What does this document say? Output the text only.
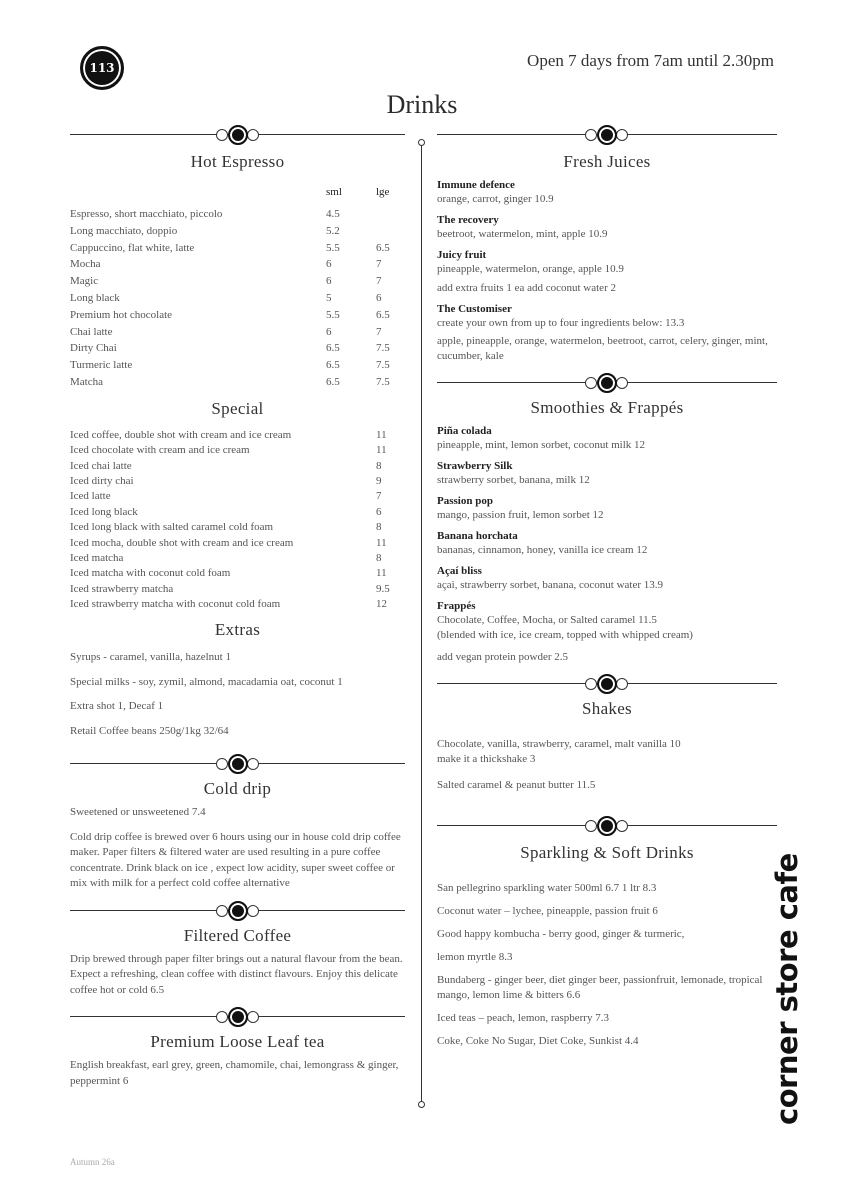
113	Open 7 days from 7am until 2.30pm
Drinks
Hot Espresso
sml	lge
Espresso, short macchiato, piccolo	4.5
Long macchiato, doppio	5.2
Cappuccino, flat white, latte	5.5	6.5
Mocha	6	7
Magic	6	7
Long black	5	6
Premium hot chocolate	5.5	6.5
Chai latte	6	7
Dirty Chai	6.5	7.5
Turmeric latte	6.5	7.5
Matcha	6.5	7.5
Special
Iced coffee, double shot with cream and ice cream	11
Iced chocolate with cream and ice cream	11
Iced chai latte	8
Iced dirty chai	9
Iced latte	7
Iced long black	6
Iced long black with salted caramel cold foam	8
Iced mocha, double shot with cream and ice cream	11
Iced matcha	8
Iced matcha with coconut cold foam	11
Iced strawberry matcha	9.5
Iced strawberry matcha with coconut cold foam	12
Extras
Syrups - caramel, vanilla, hazelnut 1
Special milks - soy, zymil, almond, macadamia oat, coconut 1
Extra shot 1, Decaf 1
Retail Coffee beans 250g/1kg 32/64
Cold drip
Sweetened or unsweetened 7.4
Cold drip coffee is brewed over 6 hours using our in house cold drip coffee maker. Paper filters & filtered water are used resulting in a pure coffee concentrate. Drink black on ice , expect low acidity, super sweet coffee or mix with milk for a perfect cold coffee alternative
Filtered Coffee
Drip brewed through paper filter brings out a natural flavour from the bean. Expect a refreshing, clean coffee with distinct flavours. Enjoy this delicate coffee hot or cold 6.5
Premium Loose Leaf tea
English breakfast, earl grey, green, chamomile, chai, lemongrass & ginger, peppermint 6
Fresh Juices
Immune defence
orange, carrot, ginger 10.9
The recovery
beetroot, watermelon, mint, apple 10.9
Juicy fruit
pineapple, watermelon, orange, apple 10.9
add extra fruits 1 ea add coconut water 2
The Customiser
create your own from up to four ingredients below: 13.3
apple, pineapple, orange, watermelon, beetroot, carrot, celery, ginger, mint, cucumber, kale
Smoothies & Frappés
Piña colada
pineapple, mint, lemon sorbet, coconut milk 12
Strawberry Silk
strawberry sorbet, banana, milk 12
Passion pop
mango, passion fruit, lemon sorbet 12
Banana horchata
bananas, cinnamon, honey, vanilla ice cream 12
Açaí bliss
açai, strawberry sorbet, banana, coconut water 13.9
Frappés
Chocolate, Coffee, Mocha, or Salted caramel 11.5
(blended with ice, ice cream, topped with whipped cream)
add vegan protein powder 2.5
Shakes
Chocolate, vanilla, strawberry, caramel, malt vanilla 10
make it a thickshake 3
Salted caramel & peanut butter 11.5
Sparkling & Soft Drinks
San pellegrino sparkling water 500ml 6.7 1 ltr 8.3
Coconut water – lychee, pineapple, passion fruit 6
Good happy kombucha - berry good, ginger & turmeric,
lemon myrtle 8.3
Bundaberg - ginger beer, diet ginger beer, passionfruit, lemonade, tropical mango, lemon lime & bitters 6.6
Iced teas – peach, lemon, raspberry 7.3
Coke, Coke No Sugar, Diet Coke, Sunkist 4.4	corner store cafe
Autumn 26a
